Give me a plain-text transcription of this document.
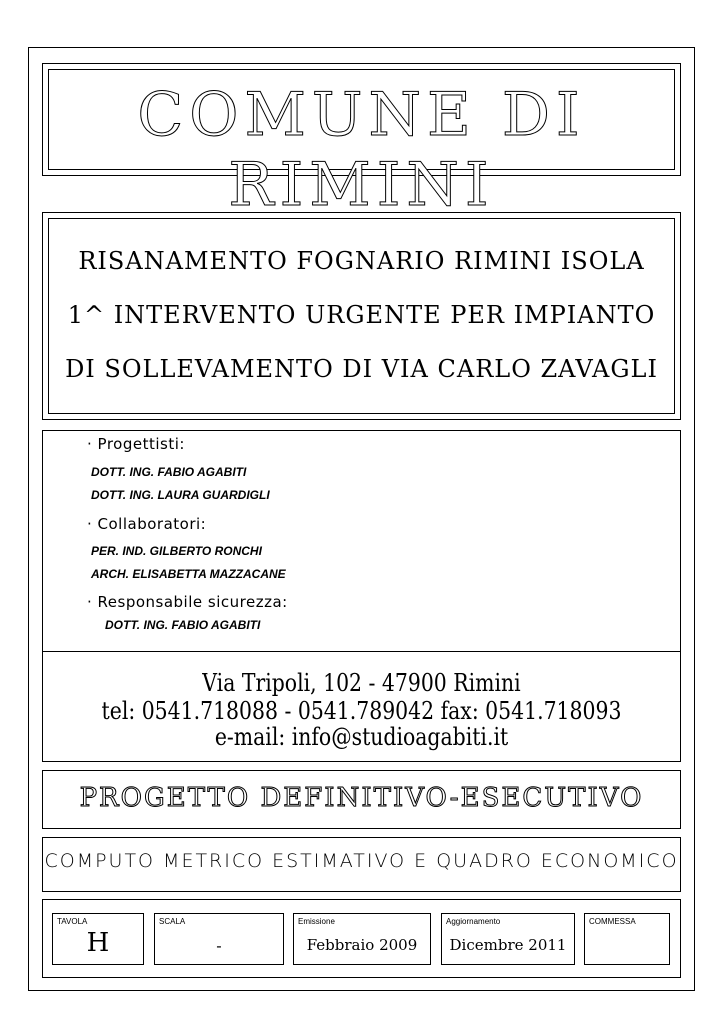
COMUNE DI RIMINI
RISANAMENTO FOGNARIO RIMINI ISOLA
1^ INTERVENTO URGENTE PER IMPIANTO
DI SOLLEVAMENTO DI VIA CARLO ZAVAGLI
· Progettisti:
DOTT. ING. FABIO AGABITI
DOTT. ING. LAURA GUARDIGLI
· Collaboratori:
PER. IND. GILBERTO RONCHI
ARCH. ELISABETTA MAZZACANE
· Responsabile sicurezza:
DOTT. ING. FABIO AGABITI
Via Tripoli, 102 - 47900 Rimini
tel: 0541.718088 - 0541.789042 fax: 0541.718093
e-mail: info@studioagabiti.it
PROGETTO DEFINITIVO-ESECUTIVO
COMPUTO METRICO ESTIMATIVO E QUADRO ECONOMICO
TAVOLA
H
SCALA
-
Emissione
Febbraio 2009
Aggiornamento
Dicembre 2011
COMMESSA
